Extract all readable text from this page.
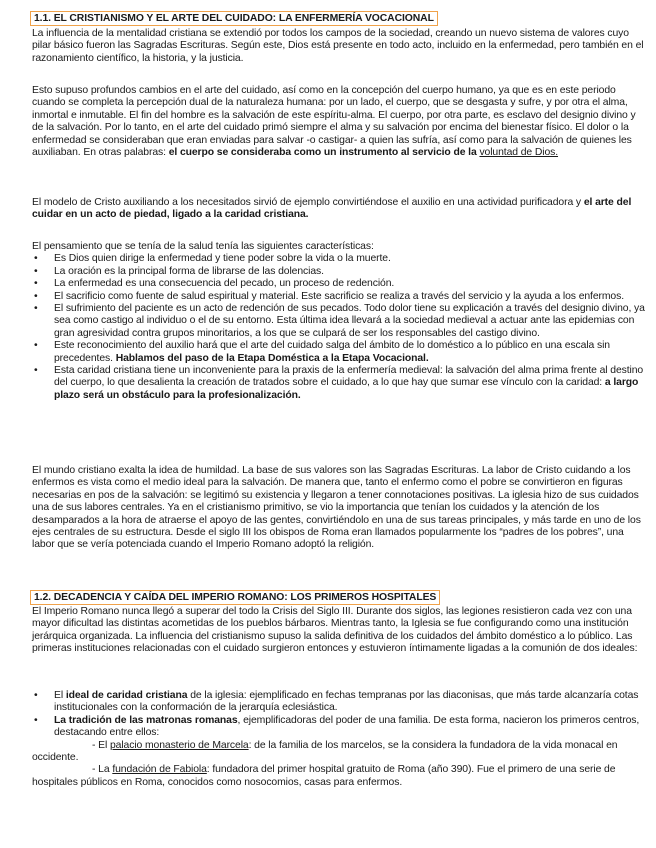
1.1. EL CRISTIANISMO Y EL ARTE DEL CUIDADO: LA ENFERMERÍA VOCACIONAL

La influencia de la mentalidad cristiana se extendió por todos los campos de la sociedad, creando un nuevo sistema de valores cuyo pilar básico fueron las Sagradas Escrituras. Según este, Dios está presente en todo acto, incluido en la enfermedad, pero también en el razonamiento científico, la historia, y la justicia.

Esto supuso profundos cambios en el arte del cuidado, así como en la concepción del cuerpo humano, ya que es en este periodo cuando se completa la percepción dual de la naturaleza humana: por un lado, el cuerpo, que se desgasta y sufre, y por otra el alma, inmortal e inmutable. El fin del hombre es la salvación de este espíritu-alma. El cuerpo, por otra parte, es esclavo del designio divino y de la salvación. Por lo tanto, en el arte del cuidado primó siempre el alma y su salvación por encima del bienestar físico. El dolor o la enfermedad se consideraban que eran enviadas para salvar -o castigar- a quien las sufría, así como para la salvación de quienes les auxiliaban. En otras palabras: el cuerpo se consideraba como un instrumento al servicio de la voluntad de Dios.

El modelo de Cristo auxiliando a los necesitados sirvió de ejemplo convirtiéndose el auxilio en una actividad purificadora y el arte del cuidar en un acto de piedad, ligado a la caridad cristiana.

El pensamiento que se tenía de la salud tenía las siguientes características:

• Es Dios quien dirige la enfermedad y tiene poder sobre la vida o la muerte.
• La oración es la principal forma de librarse de las dolencias.
• La enfermedad es una consecuencia del pecado, un proceso de redención.
• El sacrificio como fuente de salud espiritual y material. Este sacrificio se realiza a través del servicio y la ayuda a los enfermos.
• El sufrimiento del paciente es un acto de redención de sus pecados. Todo dolor tiene su explicación a través del designio divino, ya sea como castigo al individuo o el de su entorno. Esta última idea llevará a la sociedad medieval a actuar ante las epidemias con gran agresividad contra grupos minoritarios, a los que se culpará de ser los responsables del castigo divino.
• Este reconocimiento del auxilio hará que el arte del cuidado salga del ámbito de lo doméstico a lo público en una escala sin precedentes. Hablamos del paso de la Etapa Doméstica a la Etapa Vocacional.
• Esta caridad cristiana tiene un inconveniente para la praxis de la enfermería medieval: la salvación del alma prima frente al destino del cuerpo, lo que desalienta la creación de tratados sobre el cuidado, a lo que hay que sumar ese vínculo con la caridad: a largo plazo será un obstáculo para la profesionalización.

El mundo cristiano exalta la idea de humildad. La base de sus valores son las Sagradas Escrituras. La labor de Cristo cuidando a los enfermos es vista como el medio ideal para la salvación. De manera que, tanto el enfermo como el pobre se convirtieron en figuras necesarias en pos de la salvación: se legitimó su existencia y llegaron a tener connotaciones positivas. La iglesia hizo de sus cuidados una de sus labores centrales. Ya en el cristianismo primitivo, se vio la importancia que tenían los cuidados y la atención de los desamparados a la hora de atraerse el apoyo de las gentes, convirtiéndolo en una de sus tareas principales, y más tarde en uno de los ejes centrales de su estructura. Desde el siglo III los obispos de Roma eran llamados popularmente los “padres de los pobres”, una labor que se vería potenciada cuando el Imperio Romano adoptó la religión.

1.2. DECADENCIA Y CAÍDA DEL IMPERIO ROMANO: LOS PRIMEROS HOSPITALES

El Imperio Romano nunca llegó a superar del todo la Crisis del Siglo III. Durante dos siglos, las legiones resistieron cada vez con una mayor dificultad las distintas acometidas de los pueblos bárbaros. Mientras tanto, la Iglesia se fue configurando como una institución jerárquica organizada. La influencia del cristianismo supuso la salida definitiva de los cuidados del ámbito doméstico a lo público. Las primeras instituciones relacionadas con el cuidado surgieron entonces y estuvieron íntimamente ligadas a la comunión de dos ideales:

• El ideal de caridad cristiana de la iglesia: ejemplificado en fechas tempranas por las diaconisas, que más tarde alcanzaría cotas institucionales con la conformación de la jerarquía eclesiástica.
• La tradición de las matronas romanas, ejemplificadoras del poder de una familia. De esta forma, nacieron los primeros centros, destacando entre ellos:

- El palacio monasterio de Marcela: de la familia de los marcelos, se la considera la fundadora de la vida monacal en occidente.

- La fundación de Fabiola: fundadora del primer hospital gratuito de Roma (año 390). Fue el primero de una serie de hospitales públicos en Roma, conocidos como nosocomios, casas para enfermos.
